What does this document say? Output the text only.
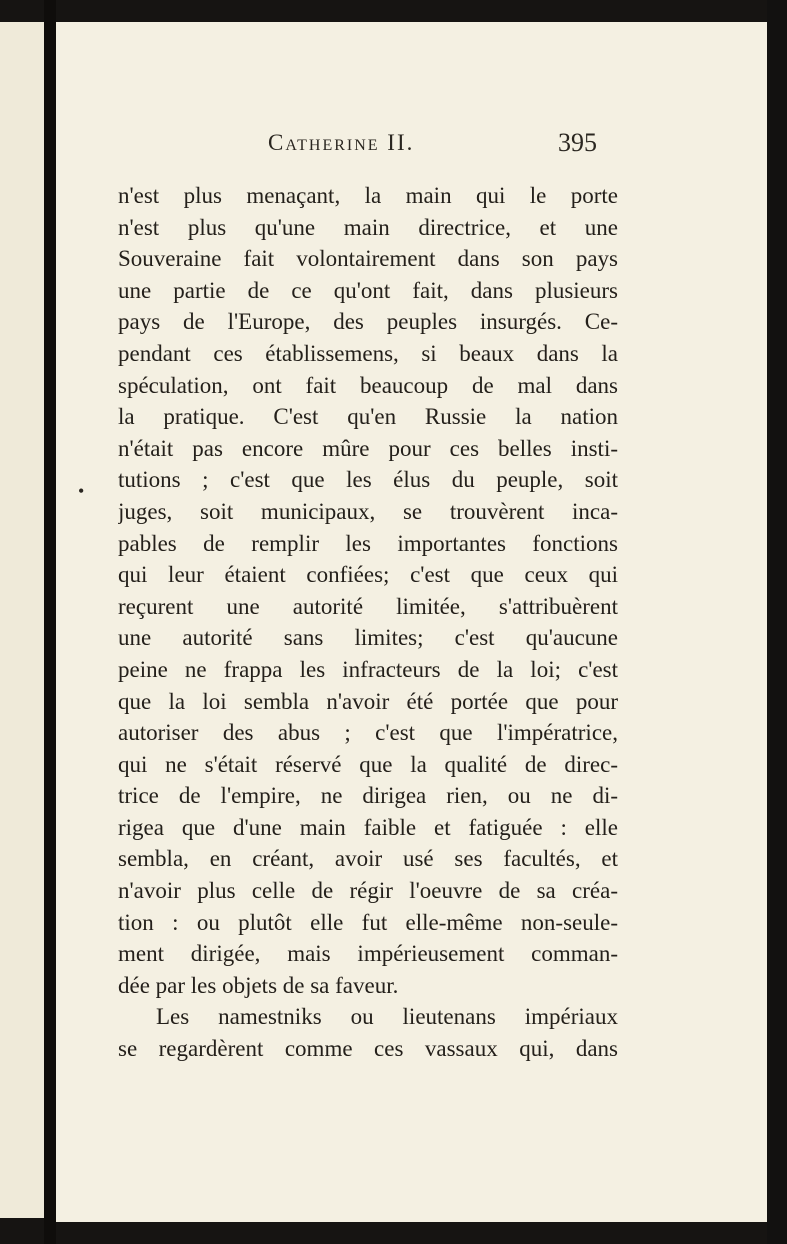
Catherine II.	395
•
n'est plus menaçant, la main qui le porte
n'est plus qu'une main directrice, et une
Souveraine fait volontairement dans son pays
une partie de ce qu'ont fait, dans plusieurs
pays de l'Europe, des peuples insurgés. Ce-
pendant ces établissemens, si beaux dans la
spéculation, ont fait beaucoup de mal dans
la pratique. C'est qu'en Russie la nation
n'était pas encore mûre pour ces belles insti-
tutions ; c'est que les élus du peuple, soit
juges, soit municipaux, se trouvèrent inca-
pables de remplir les importantes fonctions
qui leur étaient confiées; c'est que ceux qui
reçurent une autorité limitée, s'attribuèrent
une autorité sans limites; c'est qu'aucune
peine ne frappa les infracteurs de la loi; c'est
que la loi sembla n'avoir été portée que pour
autoriser des abus ; c'est que l'impératrice,
qui ne s'était réservé que la qualité de direc-
trice de l'empire, ne dirigea rien, ou ne di-
rigea que d'une main faible et fatiguée : elle
sembla, en créant, avoir usé ses facultés, et
n'avoir plus celle de régir l'oeuvre de sa créa-
tion : ou plutôt elle fut elle-même non-seule-
ment dirigée, mais impérieusement comman-
dée par les objets de sa faveur.
Les namestniks ou lieutenans impériaux
se regardèrent comme ces vassaux qui, dans
